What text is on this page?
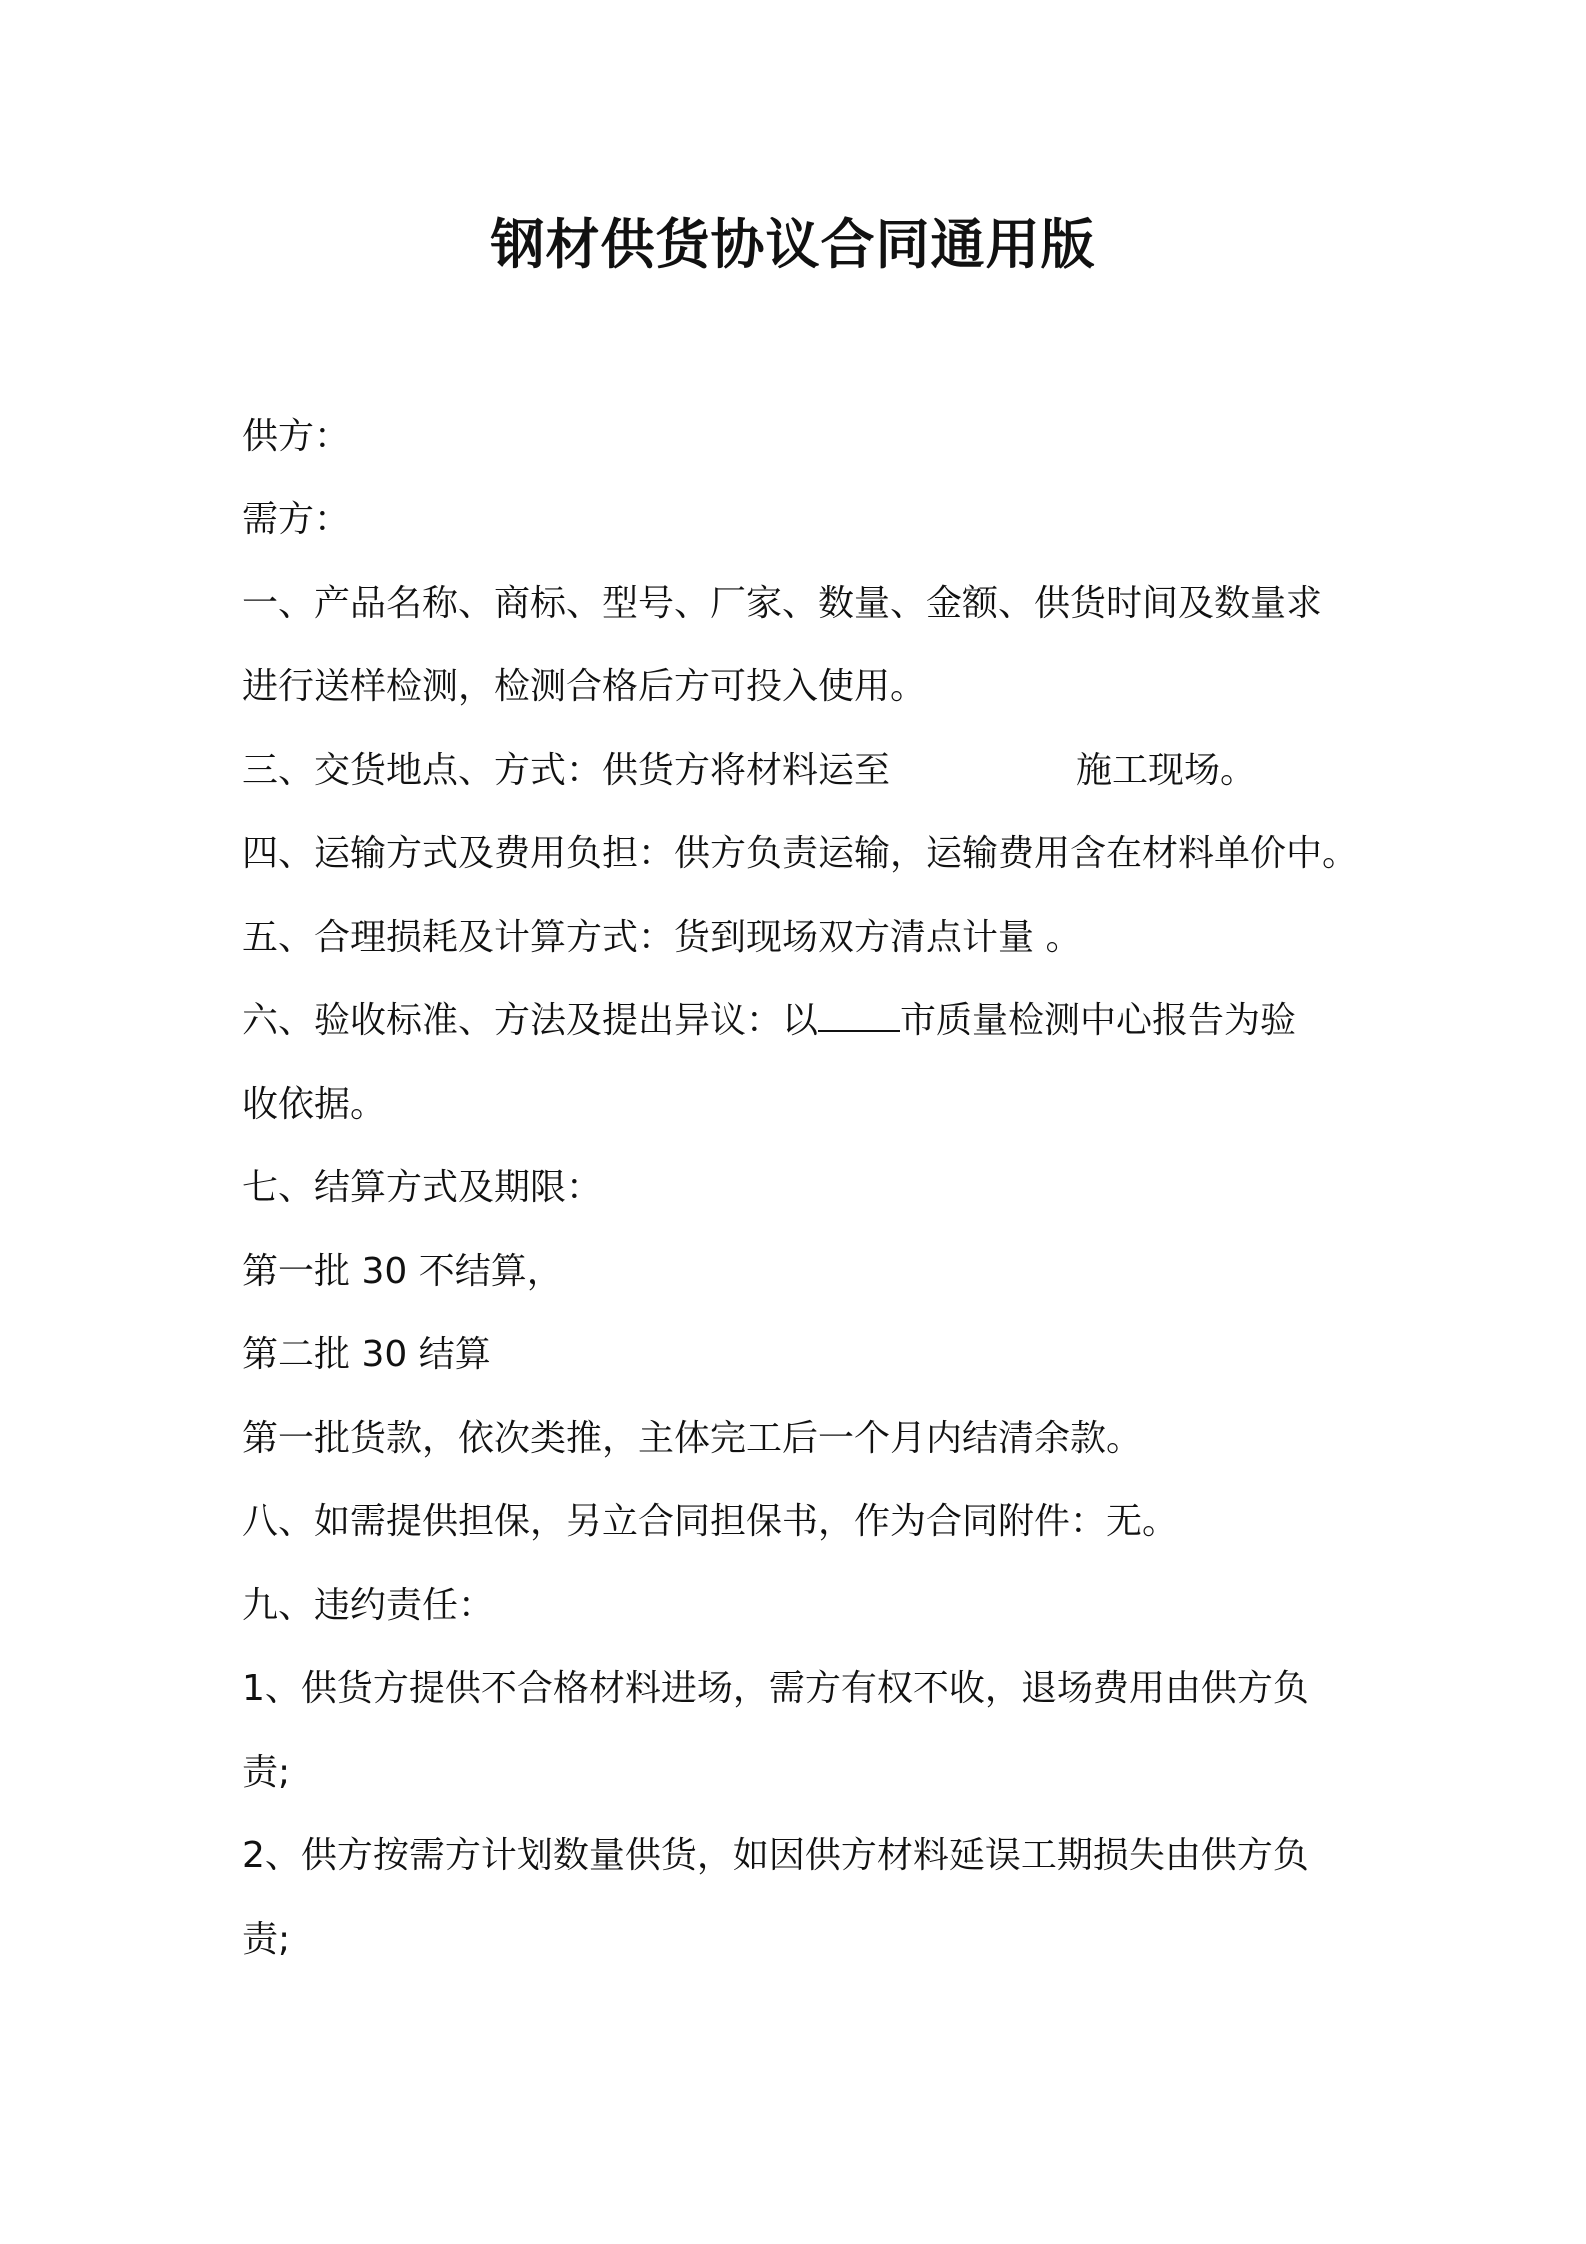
钢材供货协议合同通用版
供方：
需方：
一、产品名称、商标、型号、厂家、数量、金额、供货时间及数量求
进行送样检测，检测合格后方可投入使用。
三、交货地点、方式：供货方将材料运至	施工现场。
四、运输方式及费用负担：供方负责运输，运输费用含在材料单价中。
五、合理损耗及计算方式：货到现场双方清点计量 。
六、验收标准、方法及提出异议：以 市质量检测中心报告为验
收依据。
七、结算方式及期限：
第一批 30 不结算，
第二批 30 结算
第一批货款，依次类推，主体完工后一个月内结清余款。
八、如需提供担保，另立合同担保书，作为合同附件：无。
九、违约责任：
1、供货方提供不合格材料进场，需方有权不收，退场费用由供方负
责;
2、供方按需方计划数量供货，如因供方材料延误工期损失由供方负
责;
